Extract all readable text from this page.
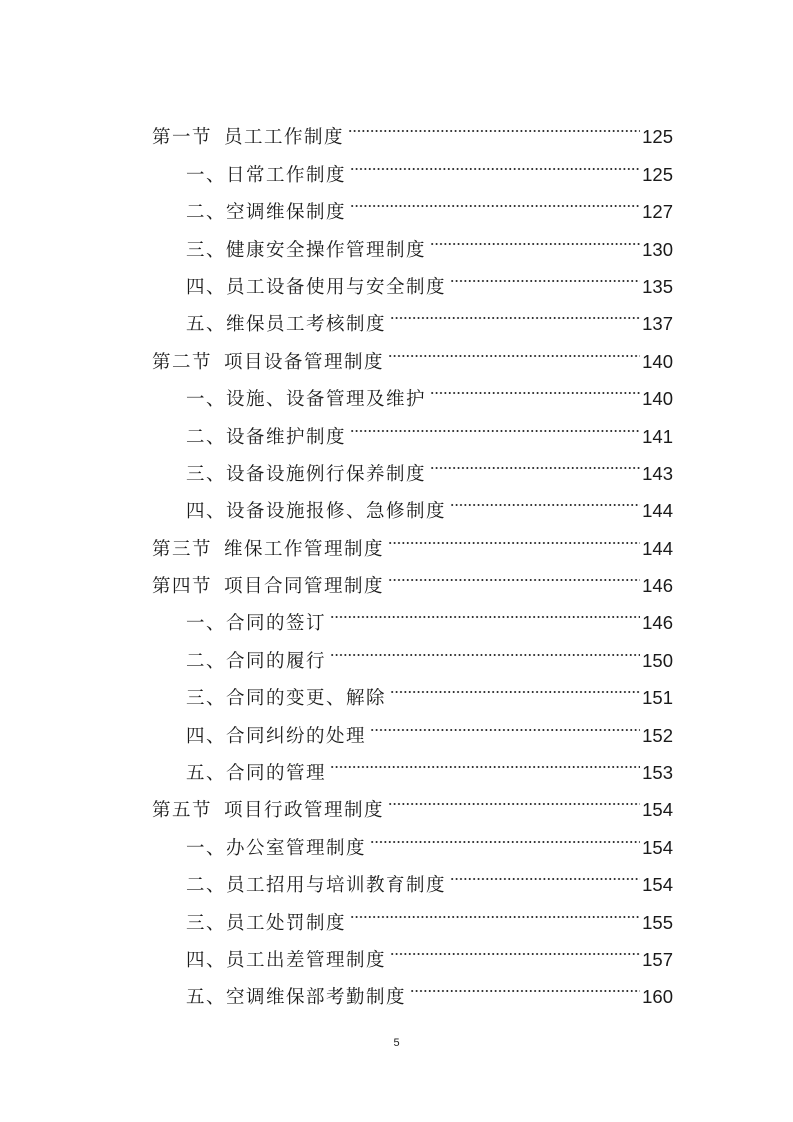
第一节 员工工作制度	125
一、 日常工作制度	125
二、 空调维保制度	127
三、 健康安全操作管理制度	130
四、 员工设备使用与安全制度	135
五、 维保员工考核制度	137
第二节 项目设备管理制度	140
一、 设施、设备管理及维护	140
二、 设备维护制度	141
三、 设备设施例行保养制度	143
四、 设备设施报修、急修制度	144
第三节 维保工作管理制度	144
第四节 项目合同管理制度	146
一、 合同的签订	146
二、 合同的履行	150
三、 合同的变更、解除	151
四、 合同纠纷的处理	152
五、 合同的管理	153
第五节 项目行政管理制度	154
一、 办公室管理制度	154
二、 员工招用与培训教育制度	154
三、 员工处罚制度	155
四、 员工出差管理制度	157
五、 空调维保部考勤制度	160
5
